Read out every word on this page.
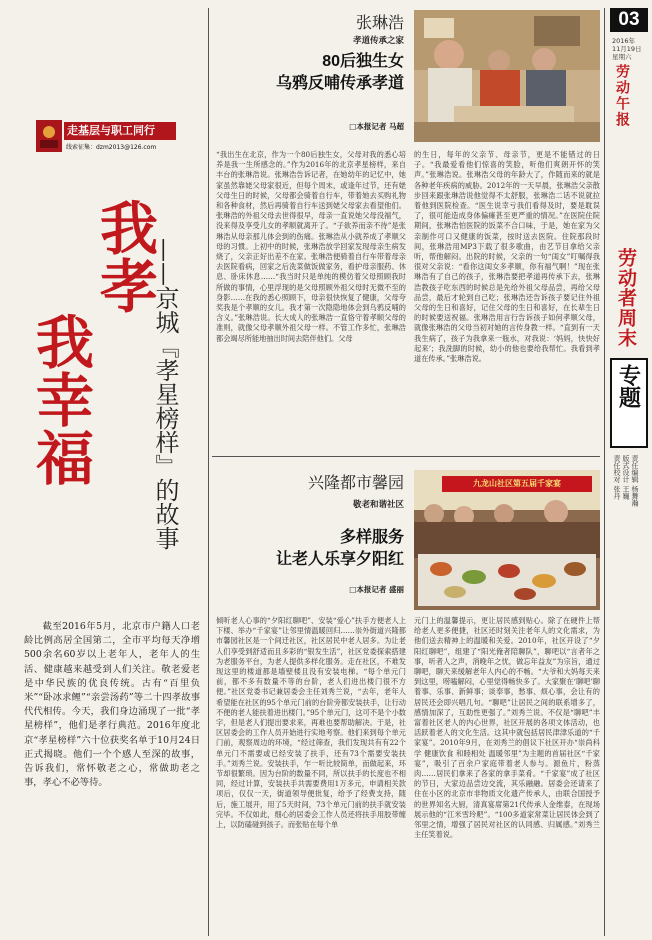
03
2016年
11月19日
星期六
劳动午报
劳动者周末
专题
责任编辑 杨舞瀚
版式设计 王巍
责任校对 张丹
走基层与职工同行
线索征集：dzm2013@126.com
我孝
我幸福 ——京城『孝星榜样』的故事
截至2016年5月，北京市户籍人口老龄比例高居全国第二，全市平均每天净增500余名60岁以上老年人，老年人的生活、健康越来越受到人们关注。敬老爱老是中华民族的优良传统。古有“百里负米”“卧冰求鲤”“亲尝汤药”等二十四孝故事代代相传。今天，我们身边涌现了一批“孝星榜样”，他们是孝行典范。2016年度北京“孝星榜样”六十位获奖名单于10月24日正式揭晓。他们一个个感人至深的故事，告诉我们，常怀敬老之心，常做助老之事，孝心不必等待。
张琳浩
孝道传承之家
80后独生女
乌鸦反哺传承孝道
□本报记者 马超
“我出生在北京，作为一个80后独生女，父母对我的悉心培养是我一生所感念的。”作为2016年的北京孝星榜样，来自丰台的张琳浩说。张琳浩告诉记者，在她幼年的记忆中，她家虽然靠姥父母家很近，但每个周末，或逢年过节，还有姥父母生日的时候，父母都会骑着自行车，带着她去买购礼物和各种食材，然后再骑着自行车送到姥父母家去看望他们。张琳浩的外祖父母去世得很早，母亲一直说她父母没福气，没来得及享受儿女的孝顺就离开了。“子欲养而亲不待”是张琳浩从母亲那儿体会到的伤痛。张琳浩从小就养成了孝顺父母的习惯。上初中的时候，张琳浩放学回家发现母亲生病发烧了，父亲正好出差不在家。张琳浩便骑着自行车带着母亲去医院看病，回家之后洗菜做饭做家务，看护母亲服药、休息、卧床休息……“我当时只是单纯的模仿着父母照顾我时所做的事情，心里浮现的是父母照顾外祖父母时无微不至的身影……在我的悉心照顾下，母亲很快恢复了健康，父母夸奖我是个孝顺的女儿。我才第一次隐隐地体会到乌鸦反哺的含义。”张琳浩说。长大成人的张琳浩一直恪守着孝顺父母的准则，就像父母孝顺外祖父母一样。不管工作多忙，张琳浩都会竭尽所能地抽出时间去陪伴他们。父母
的生日，每年的父亲节、母亲节，更是不能错过的日子。“我最爱看他们惊喜的笑脸，听他们爽朗开怀的笑声。”张琳浩说。张琳浩父母的年龄大了，作随而来的就是各种老年疾病的威胁。2012年的一天早晨，张琳浩父亲散步回来跟张琳浩说他觉得不太舒服，张琳浩二话不说就拉着他到医院检查。“医生说幸亏我们看得及时，要是耽误了，很可能造成身体偏瘫甚至更严重的情况。”在医院住院期间，张琳浩怕医院的饭菜不合口味，于是，她在家为父亲制作可口又健康的饭菜，按时送去医院。住院那段时间，张琳浩用MP3下载了很多歌曲，由艺节目拿给父亲听，帮他解闷。出院的时候，父亲的一句“闺女”叮嘱得我很对父亲说：“看你这闺女多孝顺，你有福气啊！”现在张琳浩有了自己的孩子，张琳浩要把孝道再传承下去，张琳浩教孩子吃东西的时候总是先给外祖父母品尝，再给父母品尝，最后才轮到自己吃；张琳浩还告诉孩子要记住外祖父母的生日和喜好，记住父母的生日和喜好，在长辈生日的时候要送祝福。张琳浩用言行告诉孩子如何孝顺父母，就像张琳浩的父母当初对她的言传身教一样。“直到有一天我生病了，孩子为我拿来一瓶水，对我说：‘妈妈，快快好起来’；我洗脚的时候，幼小的他也要给我帮忙。我看到孝道在传承。”张琳浩说。
兴隆都市馨园
敬老和谐社区
多样服务
让老人乐享夕阳红
□本报记者 盛丽
九龙山社区第五届千家宴
倾听老人心事的“夕阳红聊吧”、安装“爱心”扶手方便老人上下楼、举办“千家宴”让邻里情温暖回归……崇外街道兴隆都市馨园社区是一个间迁社区，社区居民中老人居多。为让老人们享受到舒适而且多彩的“银发生活”，社区党委探索搭建为老服务平台，为老人提供多样化服务。走在社区，不难发现这里的楼道都是墙壁楼且没有安装电梯。“每个单元门前，都不多有数量不等的台阶，老人们进出楼门很不方便。”社区党委书记兼居委会主任刘秀兰说，“去年，老年人希望能在社区的95个单元门前的台阶旁都安装扶手，让行动不便的老人能扶着进出楼门。”95个单元门，这可不是个小数字，但是老人们提出要求来，再难也要帮助解决。于是，社区居委会的工作人员开始进行实地考察。他们来到每个单元门前，观察周边的环境，“经过筛查，我们发现共有有22个单元门不需要或已经安装了扶手，还有73个需要安装扶手。”刘秀兰说。安装扶手，乍一听比较简单，而做起来，环节却很繁琐。因为台阶的数量不同，所以扶手的长度也不相同，经过计算，安装扶手共需要费用1万多元，申请相关款项后，仅仅一天，街道领导便批复，给予了经费支持，随后，施工展开，用了5天时间，73个单元门前的扶手就安装完毕。不仅如此，细心的居委会工作人员还将扶手用胶带缠上，以防磕碰到孩子。而张贴在每个单
元门上的温馨提示，更让居民感到贴心。除了在硬件上帮给老人更多便捷，社区还时刻关注老年人的文化需求，为他们送去精神上的温暖和关爱。2010年，社区开设了“夕阳红聊吧”，组建了“阳光俺者陪聊队”，聊吧以“言者年之事，听者人之声，消晚年之忧，做忘年益友”为宗旨，通过聊吧，聊天来缓解老年人内心的不畅。“大爷和大妈每天来到这里，唠嗑解闷，心里觉得畅快多了。大家聚在‘聊吧’聊着事、乐事、新鲜事；谈奉事，愁事、烦心事，会让有的居民还会即兴唱几句。“聊吧”让居民之间的联系增多了，感情加深了，互助性更强了。”刘秀兰说。不仅是“聊吧”丰富着社区老人的内心世界，社区开展的各项文体活动，也活跃着老人的文化生活。这其中就包括居民津津乐道的“千家宴”。2010年9月，在刘秀兰的倡议下社区开办“崇尚科学 健康饮食 和睦相处 温暖邻里”为主题的首届社区“千家宴”，吸引了百余户家庭带着老人参与。源鱼片，粉蒸肉……居民们拿来了各家的拿手菜肴。“千家宴”成了社区的节日，大家边品尝边交流，其乐融融。居委会还请来了住在小区的北京市非物质文化遗产传承人，由联合国授予的世界知名大厨，清真宴席第21代传承人金维泰，在现场展示他的“江米雪玲粑”。“100多道家常菜让居民体会到了邻里之情，增强了居民对社区的认同感、归属感。”刘秀兰主任笑着说。
